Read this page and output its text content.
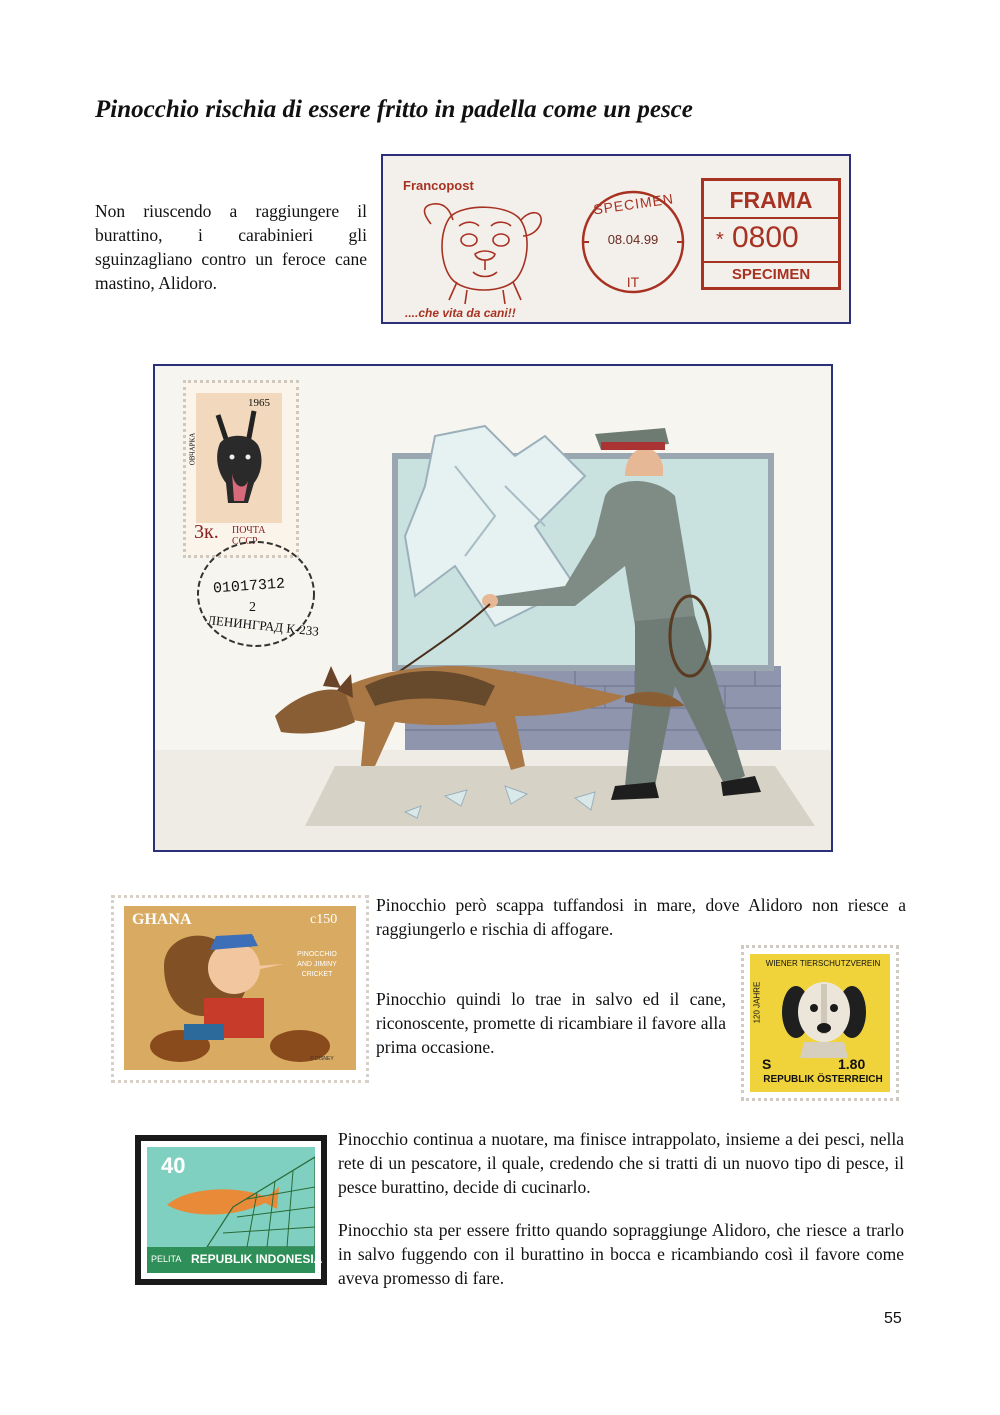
Pinocchio rischia di essere fritto in padella come un pesce
Non riuscendo a raggiungere il burattino, i carabinieri gli sguinzagliano contro un feroce cane mastino, Alidoro.
Francopost
....che vita da cani!!
SPECIMEN
08.04.99
IT
FRAMA
* 0800
SPECIMEN
1965
ОВЧАРКА
3к. ПОЧТА СССР
01017312
2
ЛЕНИНГРАД К-233
GHANA	c150
PINOCCHIO AND JIMINY CRICKET
© DISNEY
Pinocchio però scappa tuffandosi in mare, dove Alidoro non riesce a raggiungerlo e rischia di affogare.
Pinocchio quindi lo trae in salvo ed il cane, riconoscente, promette di ricambiare il favore alla prima occasione.
WIENER TIERSCHUTZVEREIN
120 JAHRE
S	1.80
REPUBLIK ÖSTERREICH
40
PELITA REPUBLIK INDONESIA
Pinocchio continua a nuotare, ma finisce intrappolato, insieme a dei pesci, nella rete di un pescatore, il quale, credendo che si tratti di un nuovo tipo di pesce, il pesce burattino, decide di cucinarlo.
Pinocchio sta per essere fritto quando sopraggiunge Alidoro, che riesce a trarlo in salvo fuggendo con il burattino in bocca e ricambiando così il favore come aveva promesso di fare.
55
